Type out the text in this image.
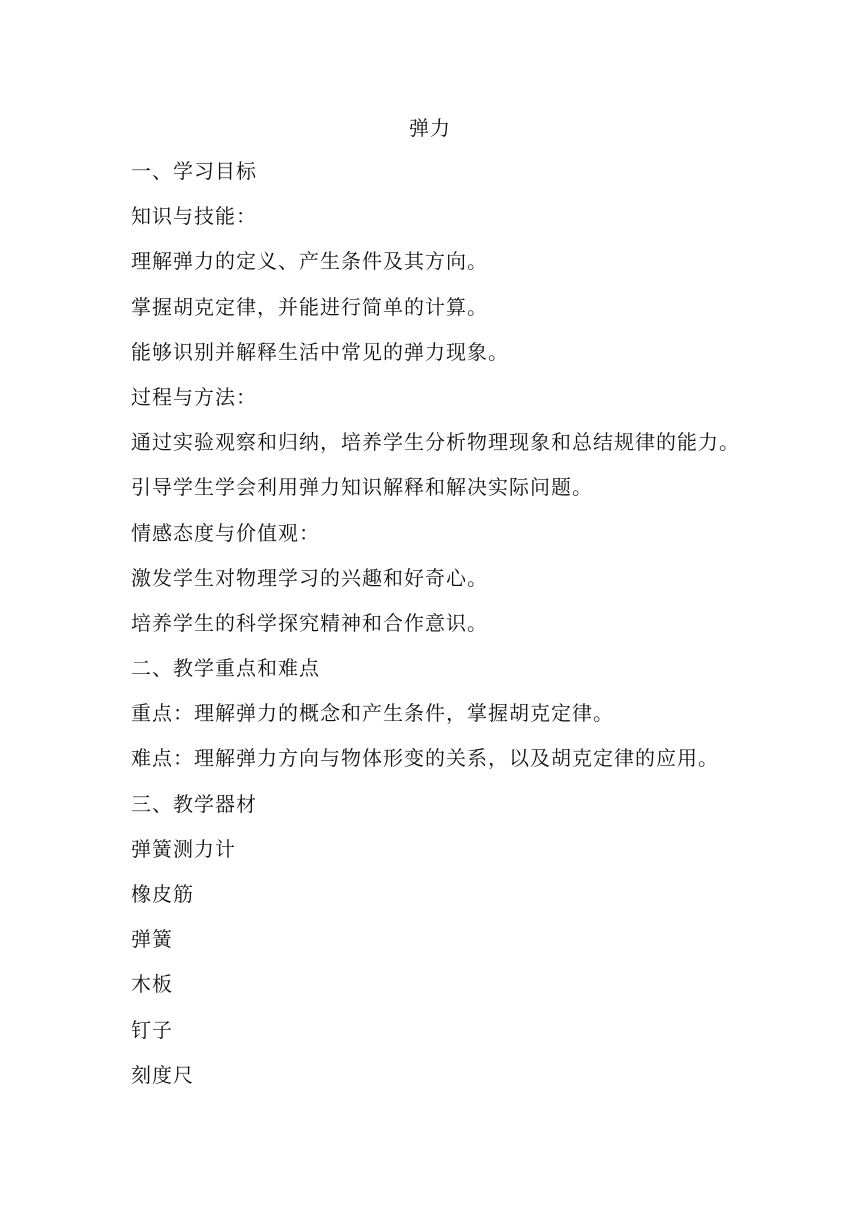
弹力
一、学习目标
知识与技能：
理解弹力的定义、产生条件及其方向。
掌握胡克定律，并能进行简单的计算。
能够识别并解释生活中常见的弹力现象。
过程与方法：
通过实验观察和归纳，培养学生分析物理现象和总结规律的能力。
引导学生学会利用弹力知识解释和解决实际问题。
情感态度与价值观：
激发学生对物理学习的兴趣和好奇心。
培养学生的科学探究精神和合作意识。
二、教学重点和难点
重点：理解弹力的概念和产生条件，掌握胡克定律。
难点：理解弹力方向与物体形变的关系，以及胡克定律的应用。
三、教学器材
弹簧测力计
橡皮筋
弹簧
木板
钉子
刻度尺
